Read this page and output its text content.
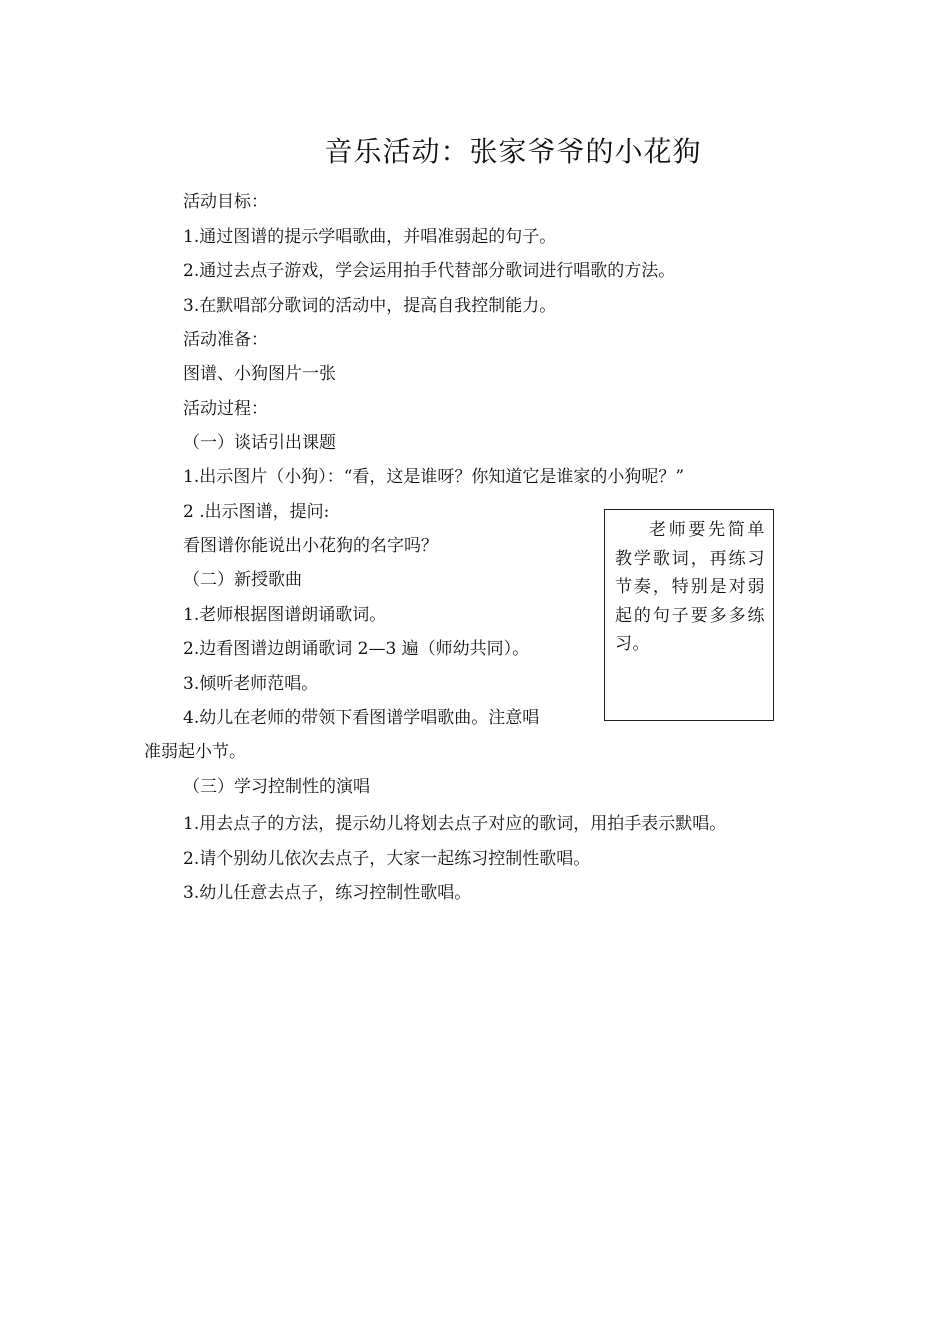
音乐活动：张家爷爷的小花狗
活动目标：
1.通过图谱的提示学唱歌曲，并唱准弱起的句子。
2.通过去点子游戏，学会运用拍手代替部分歌词进行唱歌的方法。
3.在默唱部分歌词的活动中，提高自我控制能力。
活动准备：
图谱、小狗图片一张
活动过程：
（一）谈话引出课题
1.出示图片（小狗）：“看，这是谁呀？你知道它是谁家的小狗呢？”
2 .出示图谱，提问:
看图谱你能说出小花狗的名字吗？
（二）新授歌曲
1.老师根据图谱朗诵歌词。
2.边看图谱边朗诵歌词 2—3 遍（师幼共同）。
3.倾听老师范唱。
4.幼儿在老师的带领下看图谱学唱歌曲。注意唱
准弱起小节。
（三）学习控制性的演唱
1.用去点子的方法，提示幼儿将划去点子对应的歌词，用拍手表示默唱。
2.请个别幼儿依次去点子，大家一起练习控制性歌唱。
3.幼儿任意去点子，练习控制性歌唱。

老师要先简单教学歌词，再练习节奏，特别是对弱起的句子要多多练习。
